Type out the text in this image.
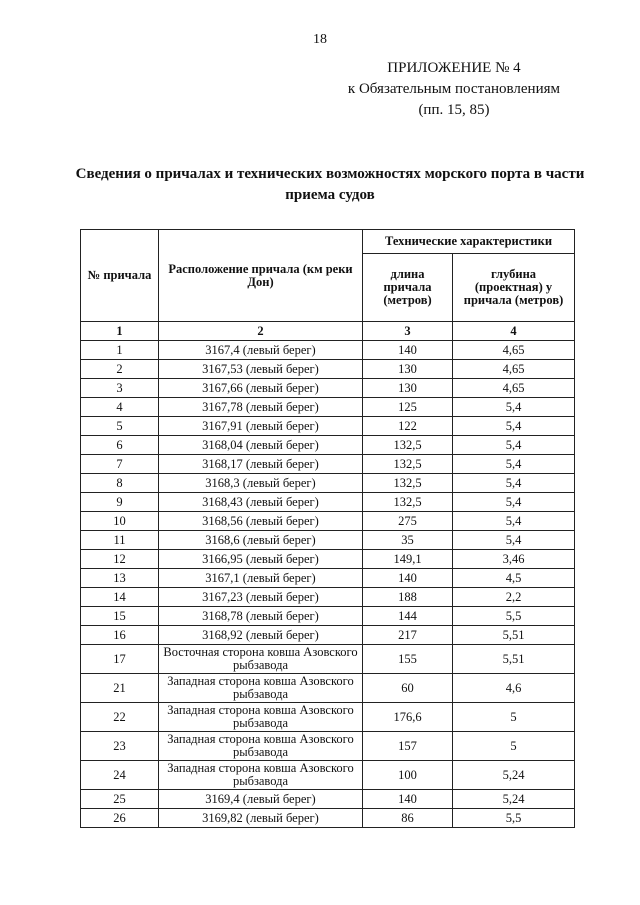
18
ПРИЛОЖЕНИЕ № 4
к Обязательным постановлениям
(пп. 15, 85)
Сведения о причалах и технических возможностях морского порта в части
приема судов
№ причала	Расположение причала (км реки Дон)	Технические характеристики	
		длина причала (метров)	глубина (проектная) у причала (метров)
1	2	3	4
1	3167,4 (левый берег)	140	4,65
2	3167,53 (левый берег)	130	4,65
3	3167,66 (левый берег)	130	4,65
4	3167,78 (левый берег)	125	5,4
5	3167,91 (левый берег)	122	5,4
6	3168,04 (левый берег)	132,5	5,4
7	3168,17 (левый берег)	132,5	5,4
8	3168,3 (левый берег)	132,5	5,4
9	3168,43 (левый берег)	132,5	5,4
10	3168,56 (левый берег)	275	5,4
11	3168,6 (левый берег)	35	5,4
12	3166,95 (левый берег)	149,1	3,46
13	3167,1 (левый берег)	140	4,5
14	3167,23 (левый берег)	188	2,2
15	3168,78 (левый берег)	144	5,5
16	3168,92 (левый берег)	217	5,51
17	Восточная сторона ковша Азовского рыбзавода	155	5,51
21	Западная сторона ковша Азовского рыбзавода	60	4,6
22	Западная сторона ковша Азовского рыбзавода	176,6	5
23	Западная сторона ковша Азовского рыбзавода	157	5
24	Западная сторона ковша Азовского рыбзавода	100	5,24
25	3169,4 (левый берег)	140	5,24
26	3169,82 (левый берег)	86	5,5
